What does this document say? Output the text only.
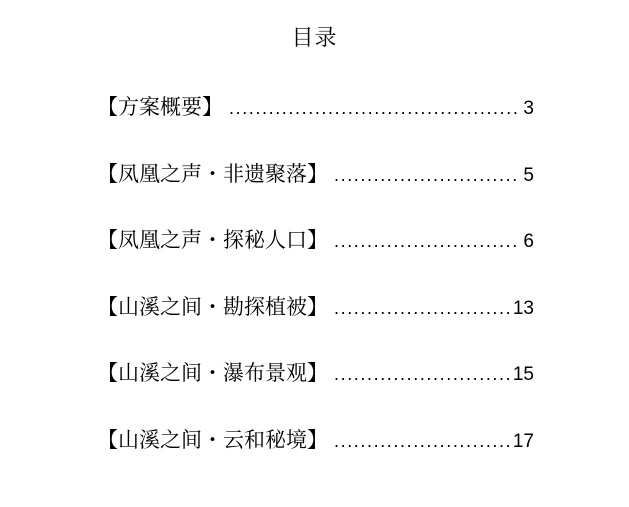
目录
【方案概要】 .....	3
【凤凰之声・非遗聚落】 .....	5
【凤凰之声・探秘人口】 .....	6
【山溪之间・勘探植被】 .....	13
【山溪之间・瀑布景观】 .....	15
【山溪之间・云和秘境】 .....	17
